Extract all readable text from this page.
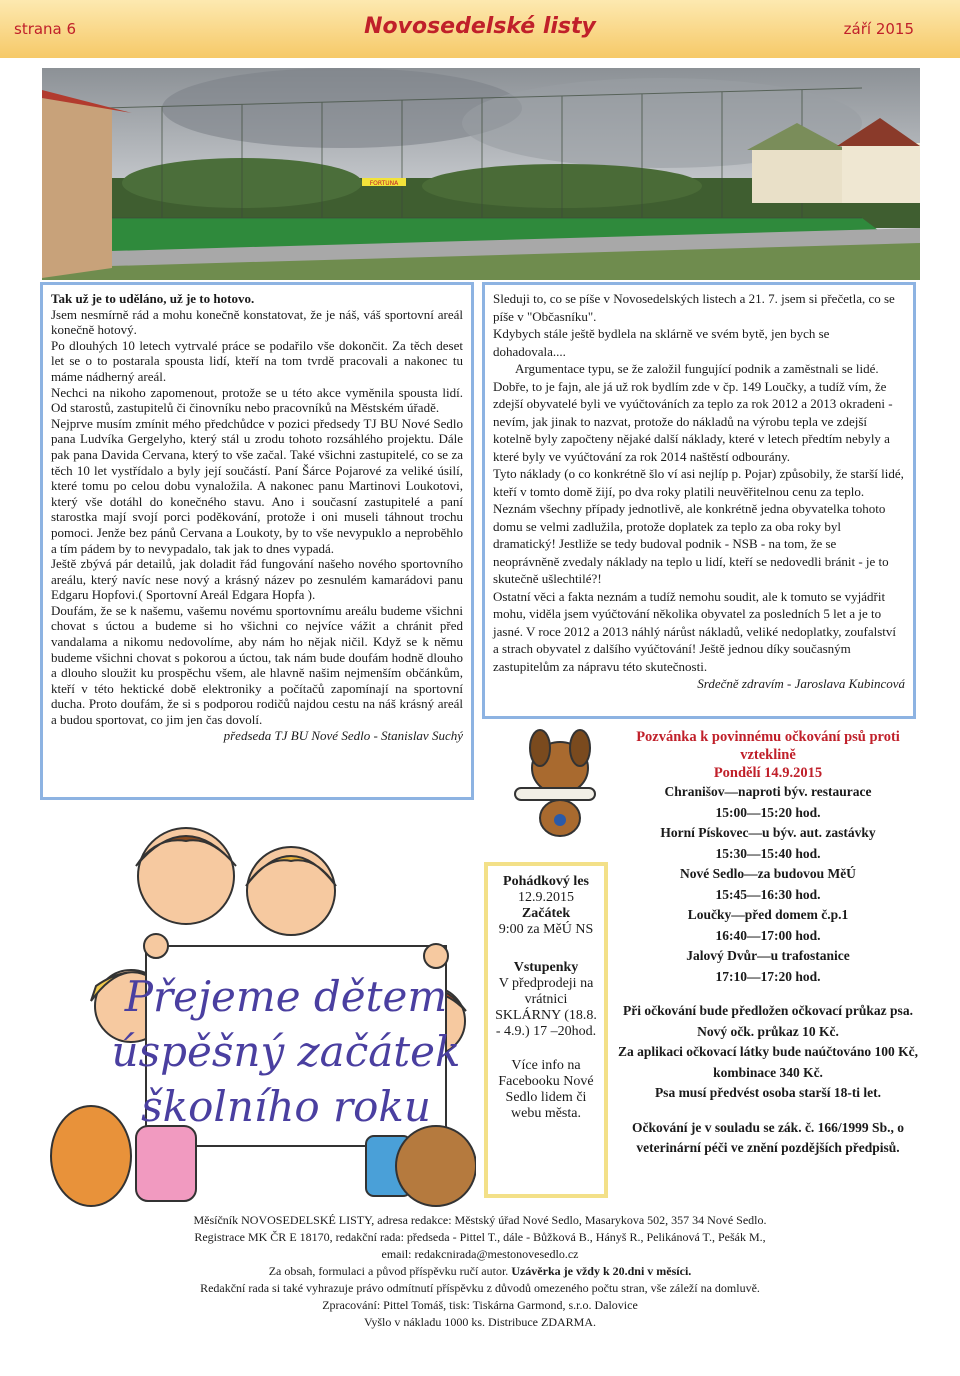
strana 6	Novosedelské listy	září 2015
FORTUNA

Tak už je to uděláno, už je to hotovo.

Jsem nesmírně rád a mohu konečně konstatovat, že je náš, váš sportovní areál konečně hotový.

Po dlouhých 10 letech vytrvalé práce se podařilo vše dokončit. Za těch deset let se o to postarala spousta lidí, kteří na tom tvrdě pracovali a nakonec tu máme nádherný areál.

Nechci na nikoho zapomenout, protože se u této akce vyměnila spousta lidí. Od starostů, zastupitelů či činovníku nebo pracovníků na Městském úřadě.

Nejprve musím zmínit mého předchůdce v pozici předsedy TJ BU Nové Sedlo pana Ludvíka Gergelyho, který stál u zrodu tohoto rozsáhlého projektu. Dále pak pana Davida Cervana, který to vše začal. Také všichni zastupitelé, co se za těch 10 let vystřídalo a byly její součástí. Paní Šárce Pojarové za veliké úsilí, které tomu po celou dobu vynaložila. A nakonec panu Martinovi Loukotovi, který vše dotáhl do konečného stavu. Ano i současní zastupitelé a paní starostka mají svojí porci poděkování, protože i oni museli táhnout trochu pomoci. Jenže bez pánů Cervana a Loukoty, by to vše nevypuklo a neproběhlo a tím pádem by to nevypadalo, tak jak to dnes vypadá.

Ještě zbývá pár detailů, jak doladit řád fungování našeho nového sportovního areálu, který navíc nese nový a krásný název po zesnulém kamarádovi panu Edgaru Hopfovi.( Sportovní Areál Edgara Hopfa ).

Doufám, že se k našemu, vašemu novému sportovnímu areálu budeme všichni chovat s úctou a budeme si ho všichni co nejvíce vážit a chránit před vandalama a nikomu nedovolíme, aby nám ho nějak ničil. Když se k němu budeme všichni chovat s pokorou a úctou, tak nám bude doufám hodně dlouho a dlouho sloužit ku prospěchu všem, ale hlavně našim nejmenším občánkům, kteří v této hektické době elektroniky a počítačů zapomínají na sportovní ducha. Proto doufám, že si s podporou rodičů najdou cestu na náš krásný areál a budou sportovat, co jim jen čas dovolí.

předseda TJ BU Nové Sedlo - Stanislav Suchý

Sleduji to, co se píše v Novosedelských listech a 21. 7. jsem si přečetla, co se píše v "Občasníku".

Kdybych stále ještě bydlela na sklárně ve svém bytě, jen bych se dohadovala....

Argumentace typu, se že založil fungující podnik a zaměstnali se lidé. Dobře, to je fajn, ale já už rok bydlím zde v čp. 149 Loučky, a tudíž vím, že zdejší obyvatelé byli ve vyúčtováních za teplo za rok 2012 a 2013 okradeni - nevím, jak jinak to nazvat, protože do nákladů na výrobu tepla ve zdejší kotelně byly započteny nějaké další náklady, které v letech předtím nebyly a které byly ve vyúčtování za rok 2014 naštěstí odbourány.

Tyto náklady (o co konkrétně šlo ví asi nejlíp p. Pojar) způsobily, že starší lidé, kteří v tomto domě žijí, po dva roky platili neuvěřitelnou cenu za teplo. Neznám všechny případy jednotlivě, ale konkrétně jedna obyvatelka tohoto domu se velmi zadlužila, protože doplatek za teplo za oba roky byl dramatický! Jestliže se tedy budoval podnik - NSB - na tom, že se neoprávněně zvedaly náklady na teplo u lidí, kteří se nedovedli bránit - je to skutečně ušlechtilé?!

Ostatní věci a fakta neznám a tudíž nemohu soudit, ale k tomuto se vyjádřit mohu, viděla jsem vyúčtování několika obyvatel za posledních 5 let a je to jasné. V roce 2012 a 2013 náhlý nárůst nákladů, veliké nedoplatky, zoufalství a strach obyvatel z dalšího vyúčtování! Ještě jednou díky současným zastupitelům za nápravu této skutečnosti.

Srdečně zdravím - Jaroslava Kubincová

Přejeme dětem
úspěšný začátek
školního roku
Pohádkový les
12.9.2015
Začátek
9:00 za MěÚ NS
Vstupenky
V předprodeji na vrátnici SKLÁRNY (18.8. - 4.9.) 17 –20hod.
Více info na Facebooku Nové Sedlo lidem či webu města.

Pozvánka k povinnému očkování psů proti vzteklině

Pondělí 14.9.2015

Chranišov—naproti býv. restaurace

15:00—15:20 hod.

Horní Pískovec—u býv. aut. zastávky

15:30—15:40 hod.

Nové Sedlo—za budovou MěÚ

15:45—16:30 hod.

Loučky—před domem č.p.1

16:40—17:00 hod.

Jalový Dvůr—u trafostanice

17:10—17:20 hod.

Při očkování bude předložen očkovací průkaz psa. Nový očk. průkaz 10 Kč.

Za aplikaci očkovací látky bude naúčtováno 100 Kč, kombinace 340 Kč.

Psa musí předvést osoba starší 18-ti let.

Očkování je v souladu se zák. č. 166/1999 Sb., o veterinární péči ve znění pozdějších předpisů.

Měsíčník NOVOSEDELSKÉ LISTY, adresa redakce: Městský úřad Nové Sedlo, Masarykova 502, 357 34 Nové Sedlo.

Registrace MK ČR E 18170, redakční rada: předseda - Pittel T., dále - Bůžková B., Hányš R., Pelikánová T., Pešák M.,

email: redakcnirada@mestonovesedlo.cz

Za obsah, formulaci a původ příspěvku ručí autor. Uzávěrka je vždy k 20.dni v měsíci.

Redakční rada si také vyhrazuje právo odmítnutí příspěvku z důvodů omezeného počtu stran, vše záleží na domluvě.

Zpracování: Pittel Tomáš, tisk: Tiskárna Garmond, s.r.o. Dalovice

Vyšlo v nákladu 1000 ks. Distribuce ZDARMA.
